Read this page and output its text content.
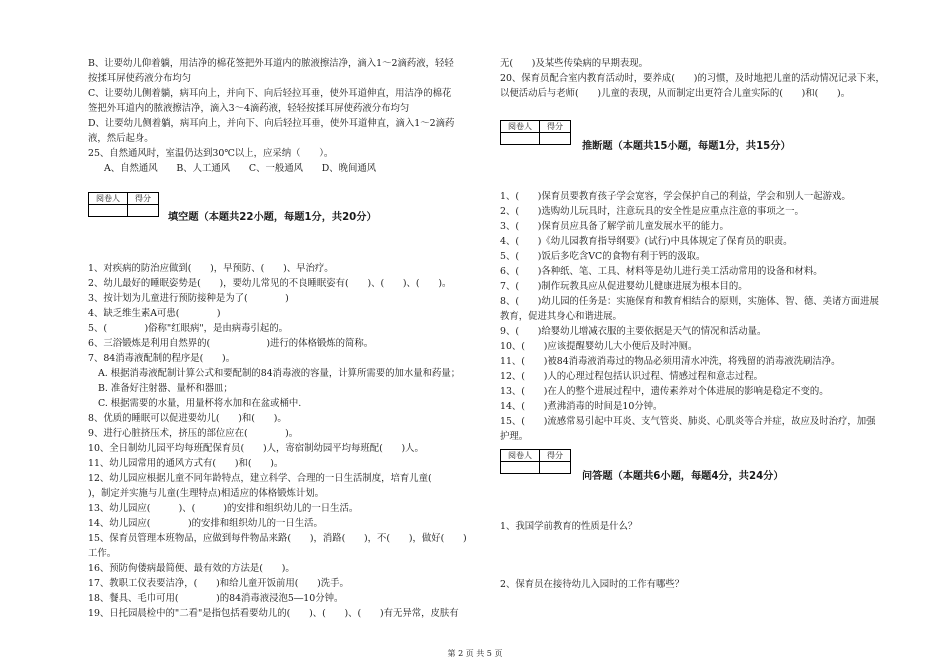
B、让要幼儿仰着躺，用洁净的棉花签把外耳道内的脓液擦洁净，滴入1～2滴药液，轻轻
按揉耳屏使药液分布均匀
C、让要幼儿侧着躺，病耳向上，并向下、向后轻拉耳垂，使外耳道伸直，用洁净的棉花
签把外耳道内的脓液擦洁净，滴入3～4滴药液，轻轻按揉耳屏使药液分布均匀
D、让要幼儿侧着躺，病耳向上，并向下、向后轻拉耳垂，使外耳道伸直，滴入1～2滴药
液，然后起身。
25、自然通风时，室温仍达到30℃以上，应采纳（　　）。
A、自然通风　　B、人工通风　　C、一般通风　　D、晚间通风
阅卷人	得分

填空题（本题共22小题，每题1分，共20分）
1、对疾病的防治应做到(　　)，早预防、(　　)、早治疗。
2、幼儿最好的睡眠姿势是(　　)，要幼儿常见的不良睡眠姿有(　　)、(　　)、(　　)。
3、按计划为儿童进行预防接种是为了(　　　　)
4、缺乏维生素A可患(　　　　)
5、(　　　　)俗称"红眼病"，是由病毒引起的。
6、三浴锻炼是利用自然界的(　　　　　　)进行的体格锻炼的简称。
7、84消毒液配制的程序是(　　)。
A. 根据消毒液配制计算公式和要配制的84消毒液的容量，计算所需要的加水量和药量；
B. 准备好注射器、量杯和器皿；
C. 根据需要的水量，用量杯将水加和在盆或桶中.
8、优质的睡眠可以促进要幼儿(　　)和(　　)。
9、进行心脏挤压术，挤压的部位应在(　　　　)。
10、全日制幼儿园平均每班配保育员(　　)人，寄宿制幼园平均每班配(　　)人。
11、幼儿园常用的通风方式有(　　)和(　　)。
12、幼儿园应根据儿童不同年龄特点，建立科学、合理的一日生活制度，培育儿童(　　
)，制定并实施与儿童(生理特点)相适应的体格锻炼计划。
13、幼儿园应(　　　)、(　　　)的安排和组织幼儿的一日生活。
14、幼儿园应(　　　　)的安排和组织幼儿的一日生活。
15、保育员管理本班物品，应做到每件物品来路(　　)，消路(　　)，不(　　)，做好(　　)
工作。
16、预防佝偻病最简便、最有效的方法是(　　)。
17、教职工仪表要洁净，(　　)和给儿童开饭前用(　　)洗手。
18、餐具、毛巾可用(　　　　)的84消毒液浸泡5―10分钟。
19、日托园晨检中的"二看"是指包括看要幼儿的(　　)、(　　)、(　　)有无异常，皮肤有
无(　　)及某些传染病的早期表现。
20、保育员配合室内教育活动时，要养成(　　)的习惯，及时地把儿童的活动情况记录下来，
以便活动后与老师(　　)儿童的表现，从而制定出更符合儿童实际的(　　)和(　　)。
阅卷人	得分

推断题（本题共15小题，每题1分，共15分）
1、(　　)保育员要教育孩子学会宽容，学会保护自己的利益，学会和别人一起游戏。
2、(　　)选购幼儿玩具时，注意玩具的安全性是应重点注意的事项之一。
3、(　　)保育员应具备了解学前儿童发展水平的能力。
4、(　　)《幼儿园教育指导纲要》(试行)中具体规定了保育员的职责。
5、(　　)饭后多吃含VC的食物有利于钙的汲取。
6、(　　)各种纸、笔、工具、材料等是幼儿进行美工活动常用的设备和材料。
7、(　　)制作玩教具应从促进婴幼儿健康进展为根本目的。
8、(　　)幼儿园的任务是：实施保育和教育相结合的原则，实施体、智、德、美诸方面进展
教育，促进其身心和谐进展。
9、(　　)给婴幼儿增减衣服的主要依据是天气的情况和活动量。
10、(　　)应该提醒婴幼儿大小便后及时冲厕。
11、(　　)被84消毒液消毒过的物品必须用清水冲洗，将残留的消毒液洗刷洁净。
12、(　　)人的心理过程包括认识过程、情感过程和意志过程。
13、(　　)在人的整个进展过程中，遗传素养对个体进展的影响是稳定不变的。
14、(　　)煮沸消毒的时间是10分钟。
15、(　　)流感常易引起中耳炎、支气管炎、肺炎、心肌炎等合并症，故应及时治疗，加强
护理。
阅卷人	得分

问答题（本题共6小题，每题4分，共24分）
1、我国学前教育的性质是什么？
2、保育员在接待幼儿入园时的工作有哪些？
第 2 页 共 5 页
